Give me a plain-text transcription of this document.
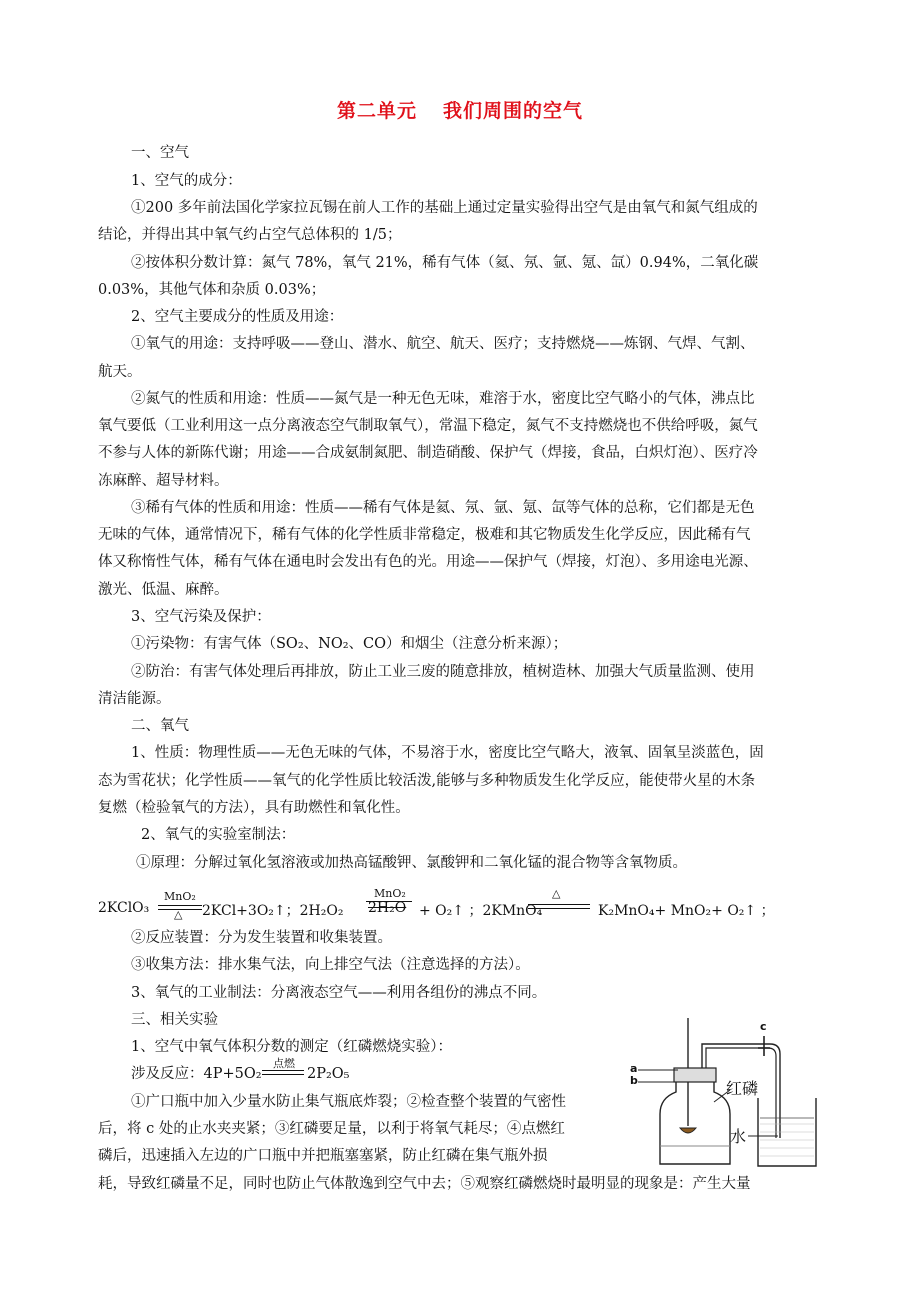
第二单元 我们周围的空气
一、空气
1、空气的成分：
①200 多年前法国化学家拉瓦锡在前人工作的基础上通过定量实验得出空气是由氧气和氮气组成的
结论，并得出其中氧气约占空气总体积的 1/5；
②按体积分数计算：氮气 78%，氧气 21%，稀有气体（氦、氖、氩、氪、氙）0.94%，二氧化碳
0.03%，其他气体和杂质 0.03%；
2、空气主要成分的性质及用途：
①氧气的用途：支持呼吸——登山、潜水、航空、航天、医疗；支持燃烧——炼钢、气焊、气割、
航天。
②氮气的性质和用途：性质——氮气是一种无色无味，难溶于水，密度比空气略小的气体，沸点比
氧气要低（工业利用这一点分离液态空气制取氧气），常温下稳定，氮气不支持燃烧也不供给呼吸，氮气
不参与人体的新陈代谢；用途——合成氨制氮肥、制造硝酸、保护气（焊接，食品，白炽灯泡）、医疗冷
冻麻醉、超导材料。
③稀有气体的性质和用途：性质——稀有气体是氦、氖、氩、氪、氙等气体的总称，它们都是无色
无味的气体，通常情况下，稀有气体的化学性质非常稳定，极难和其它物质发生化学反应，因此稀有气
体又称惰性气体，稀有气体在通电时会发出有色的光。用途——保护气（焊接，灯泡）、多用途电光源、
激光、低温、麻醉。
3、空气污染及保护：
①污染物：有害气体（SO₂、NO₂、CO）和烟尘（注意分析来源）；
②防治：有害气体处理后再排放，防止工业三废的随意排放，植树造林、加强大气质量监测、使用
清洁能源。
二、氧气
1、性质：物理性质——无色无味的气体，不易溶于水，密度比空气略大，液氧、固氧呈淡蓝色，固
态为雪花状；化学性质——氧气的化学性质比较活泼,能够与多种物质发生化学反应，能使带火星的木条
复燃（检验氧气的方法），具有助燃性和氧化性。
2、氧气的实验室制法：
①原理：分解过氧化氢溶液或加热高锰酸钾、氯酸钾和二氧化锰的混合物等含氧物质。
2KClO₃
MnO₂
△ 2KCl+3O₂↑；2H₂O₂
MnO₂
2H₂O + O₂↑ ；2KMnO₄
△
K₂MnO₄+ MnO₂+ O₂↑ ；
②反应装置：分为发生装置和收集装置。
③收集方法：排水集气法，向上排空气法（注意选择的方法）。
3、氧气的工业制法：分离液态空气——利用各组份的沸点不同。
三、相关实验
1、空气中氧气体积分数的测定（红磷燃烧实验）：
涉及反应：4P+5O₂
点燃
2P₂O₅
①广口瓶中加入少量水防止集气瓶底炸裂；②检查整个装置的气密性
后，将 c 处的止水夹夹紧；③红磷要足量，以利于将氧气耗尽；④点燃红
磷后，迅速插入左边的广口瓶中并把瓶塞塞紧，防止红磷在集气瓶外损
耗，导致红磷量不足，同时也防止气体散逸到空气中去；⑤观察红磷燃烧时最明显的现象是：产生大量
a
b
c
红磷
水
